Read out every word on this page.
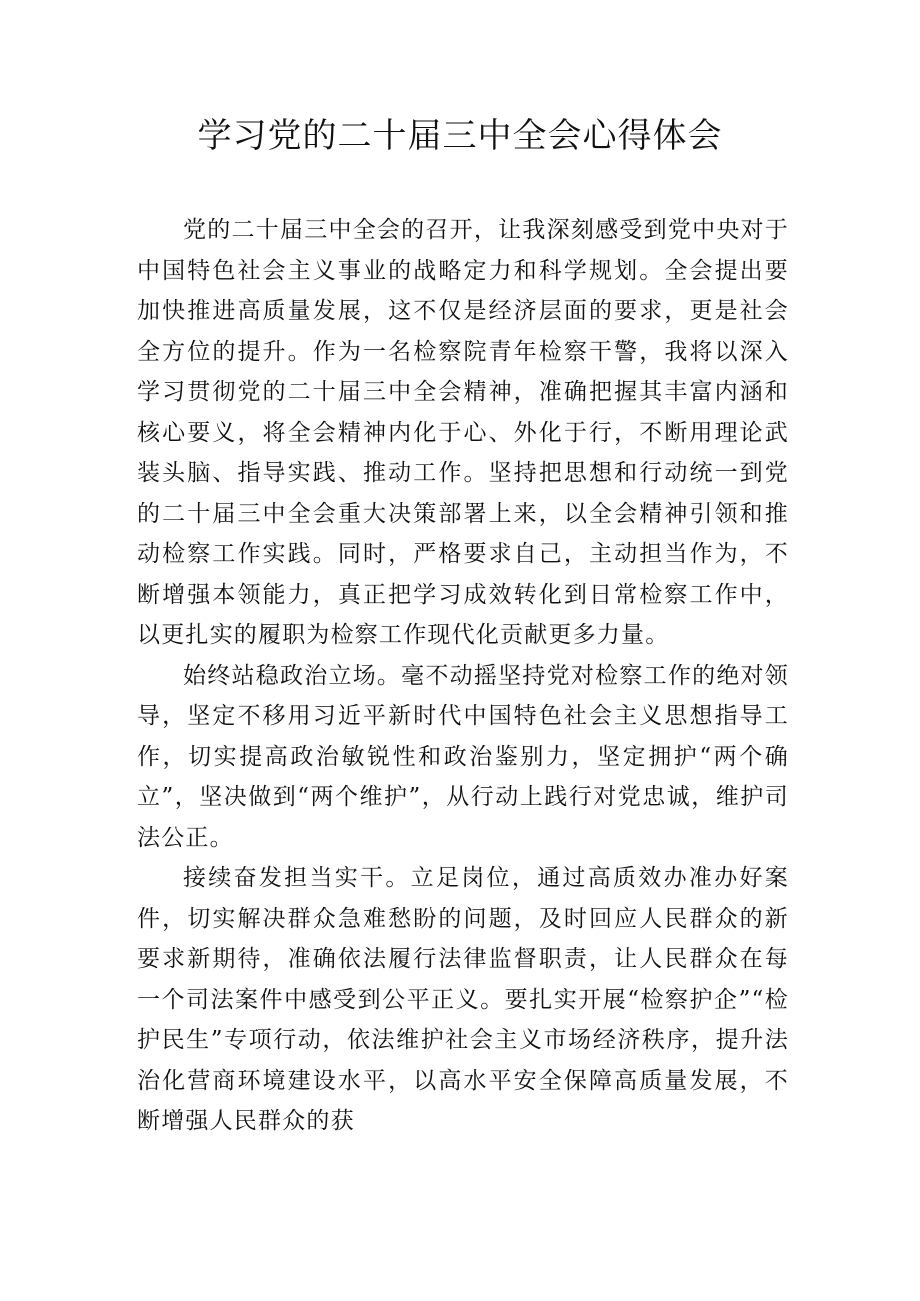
学习党的二十届三中全会心得体会

党的二十届三中全会的召开，让我深刻感受到党中央对于中国特色社会主义事业的战略定力和科学规划。全会提出要加快推进高质量发展，这不仅是经济层面的要求，更是社会全方位的提升。作为一名检察院青年检察干警，我将以深入学习贯彻党的二十届三中全会精神，准确把握其丰富内涵和核心要义，将全会精神内化于心、外化于行，不断用理论武装头脑、指导实践、推动工作。坚持把思想和行动统一到党的二十届三中全会重大决策部署上来，以全会精神引领和推动检察工作实践。同时，严格要求自己，主动担当作为，不断增强本领能力，真正把学习成效转化到日常检察工作中，以更扎实的履职为检察工作现代化贡献更多力量。

始终站稳政治立场。毫不动摇坚持党对检察工作的绝对领导，坚定不移用习近平新时代中国特色社会主义思想指导工作，切实提高政治敏锐性和政治鉴别力，坚定拥护“两个确立”，坚决做到“两个维护”，从行动上践行对党忠诚，维护司法公正。

接续奋发担当实干。立足岗位，通过高质效办准办好案件，切实解决群众急难愁盼的问题，及时回应人民群众的新要求新期待，准确依法履行法律监督职责，让人民群众在每一个司法案件中感受到公平正义。要扎实开展“检察护企”“检护民生”专项行动，依法维护社会主义市场经济秩序，提升法治化营商环境建设水平，以高水平安全保障高质量发展，不断增强人民群众的获
